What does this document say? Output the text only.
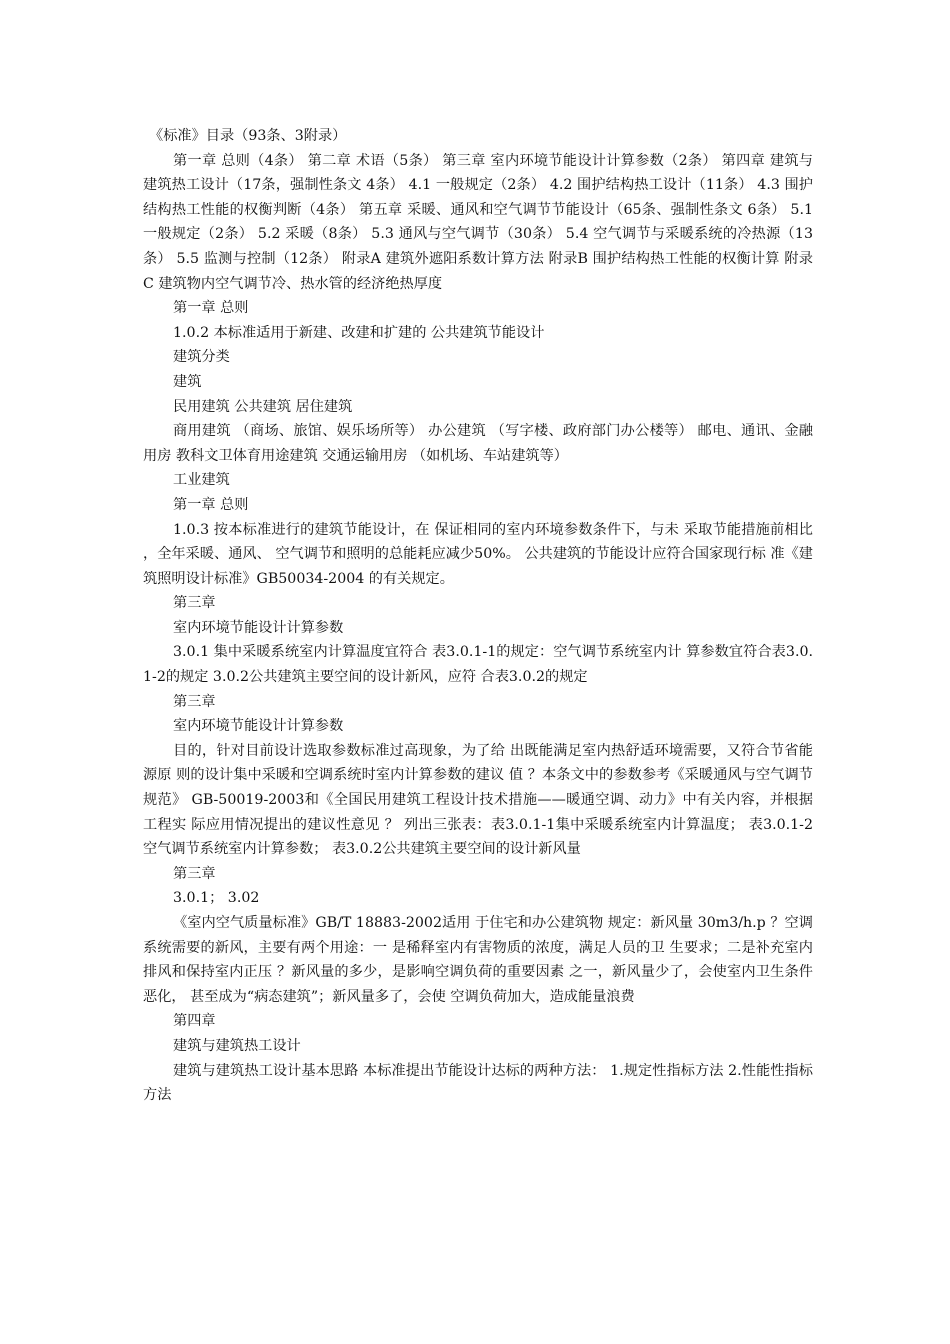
《标准》目录（93条、3附录）

第一章 总则（4条） 第二章 术语（5条） 第三章 室内环境节能设计计算参数（2条） 第四章 建筑与建筑热工设计（17条，强制性条文 4条） 4.1 一般规定（2条） 4.2 围护结构热工设计（11条） 4.3 围护结构热工性能的权衡判断（4条） 第五章 采暖、通风和空气调节节能设计（65条、强制性条文 6条） 5.1 一般规定（2条） 5.2 采暖（8条） 5.3 通风与空气调节（30条） 5.4 空气调节与采暖系统的冷热源（13条） 5.5 监测与控制（12条） 附录A 建筑外遮阳系数计算方法 附录B 围护结构热工性能的权衡计算 附录C 建筑物内空气调节冷、热水管的经济绝热厚度

第一章 总则

1.0.2 本标准适用于新建、改建和扩建的 公共建筑节能设计

建筑分类

建筑

民用建筑 公共建筑 居住建筑

商用建筑 （商场、旅馆、娱乐场所等） 办公建筑 （写字楼、政府部门办公楼等） 邮电、通讯、金融用房 教科文卫体育用途建筑 交通运输用房 （如机场、车站建筑等）

工业建筑

第一章 总则

1.0.3 按本标准进行的建筑节能设计，在 保证相同的室内环境参数条件下，与未 采取节能措施前相比，全年采暖、通风、 空气调节和照明的总能耗应减少50%。 公共建筑的节能设计应符合国家现行标 准《建筑照明设计标准》GB50034-2004 的有关规定。

第三章

室内环境节能设计计算参数

3.0.1 集中采暖系统室内计算温度宜符合 表3.0.1-1的规定：空气调节系统室内计 算参数宜符合表3.0.1-2的规定 3.0.2公共建筑主要空间的设计新风，应符 合表3.0.2的规定

第三章

室内环境节能设计计算参数

目的，针对目前设计选取参数标准过高现象，为了给 出既能满足室内热舒适环境需要，又符合节省能源原 则的设计集中采暖和空调系统时室内计算参数的建议 值 ？本条文中的参数参考《采暖通风与空气调节规范》 GB-50019-2003和《全国民用建筑工程设计技术措施——暖通空调、动力》中有关内容，并根据工程实 际应用情况提出的建议性意见 ？ 列出三张表：表3.0.1-1集中采暖系统室内计算温度； 表3.0.1-2空气调节系统室内计算参数； 表3.0.2公共建筑主要空间的设计新风量

第三章

3.0.1； 3.02

《室内空气质量标准》GB/T 18883-2002适用 于住宅和办公建筑物 规定：新风量 30m3/h.p ？空调系统需要的新风，主要有两个用途：一 是稀释室内有害物质的浓度，满足人员的卫 生要求；二是补充室内排风和保持室内正压 ？新风量的多少，是影响空调负荷的重要因素 之一，新风量少了，会使室内卫生条件恶化， 甚至成为“病态建筑”；新风量多了，会使 空调负荷加大，造成能量浪费

第四章

建筑与建筑热工设计

建筑与建筑热工设计基本思路 本标准提出节能设计达标的两种方法： 1.规定性指标方法 2.性能性指标方法
